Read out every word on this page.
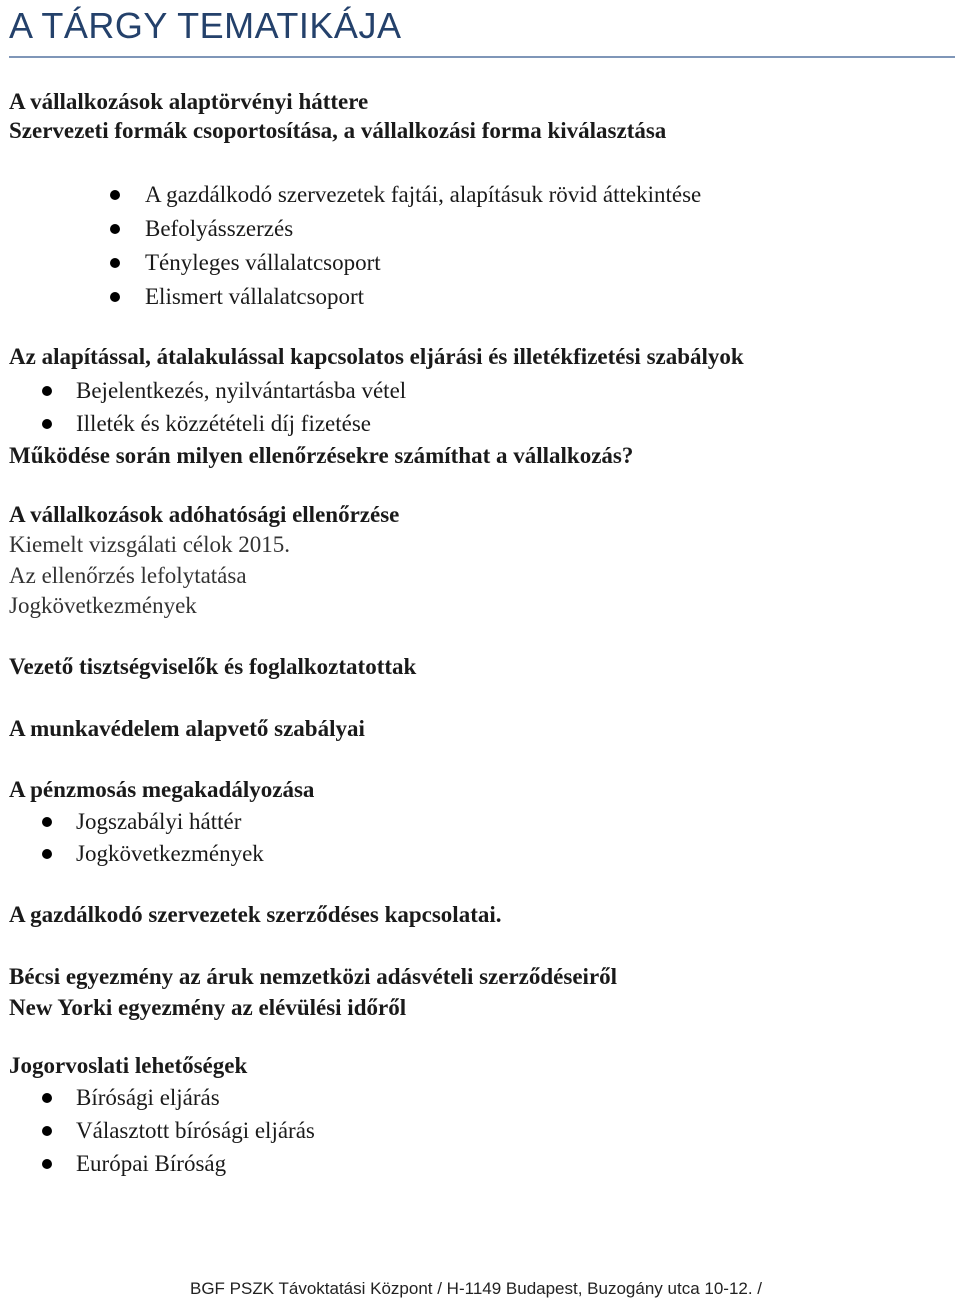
A TÁRGY TEMATIKÁJA
A vállalkozások alaptörvényi háttere
Szervezeti formák csoportosítása, a vállalkozási forma kiválasztása
A gazdálkodó szervezetek fajtái, alapításuk rövid áttekintése
Befolyásszerzés
Tényleges vállalatcsoport
Elismert vállalatcsoport
Az alapítással, átalakulással kapcsolatos eljárási és illetékfizetési szabályok
Bejelentkezés, nyilvántartásba vétel
Illeték és közzétételi díj fizetése
Működése során milyen ellenőrzésekre számíthat a vállalkozás?
A vállalkozások adóhatósági ellenőrzése
Kiemelt vizsgálati célok 2015.
Az ellenőrzés lefolytatása
Jogkövetkezmények
Vezető tisztségviselők és foglalkoztatottak
A munkavédelem alapvető szabályai
A pénzmosás megakadályozása
Jogszabályi háttér
Jogkövetkezmények
A gazdálkodó szervezetek szerződéses kapcsolatai.
Bécsi egyezmény az áruk nemzetközi adásvételi szerződéseiről
New Yorki egyezmény az elévülési időről
Jogorvoslati lehetőségek
Bírósági eljárás
Választott bírósági eljárás
Európai Bíróság
BGF PSZK Távoktatási Központ / H-1149 Budapest, Buzogány utca 10-12. /
